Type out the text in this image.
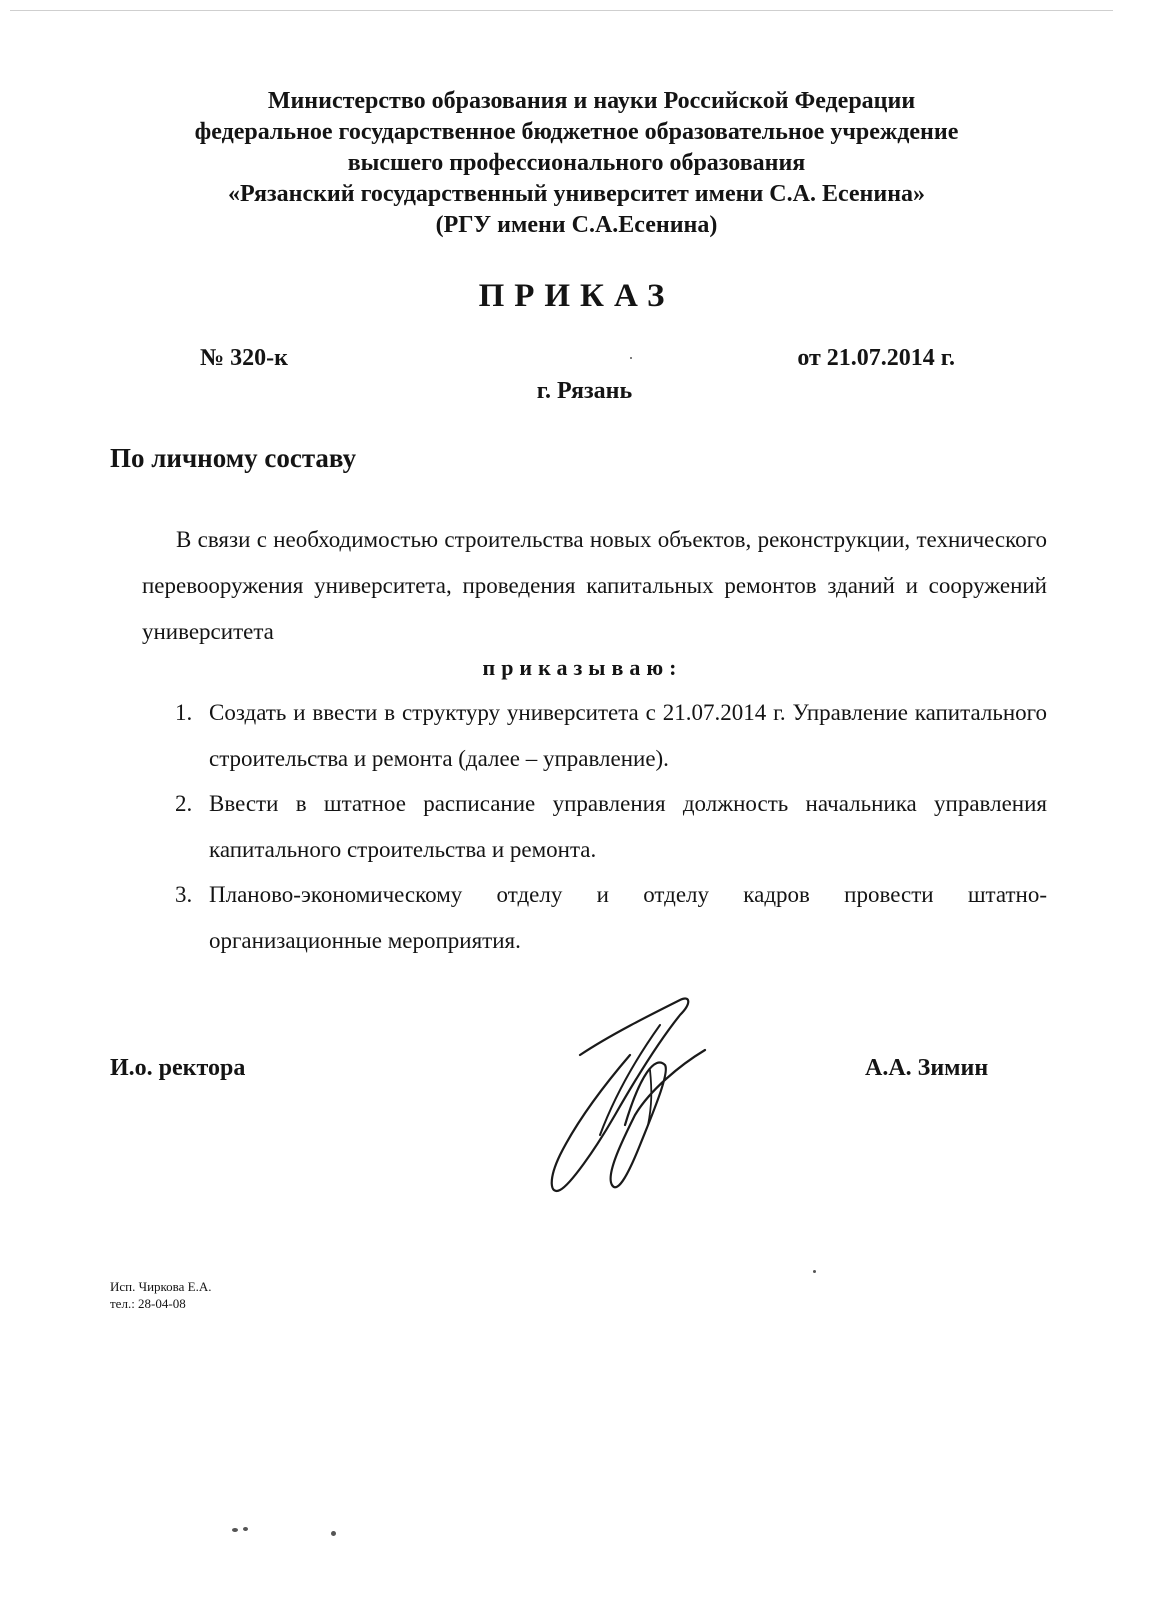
Министерство образования и науки Российской Федерации
федеральное государственное бюджетное образовательное учреждение
высшего профессионального образования
«Рязанский государственный университет имени С.А. Есенина»
(РГУ имени С.А.Есенина)
ПРИКАЗ
№ 320-к	от 21.07.2014 г.
г. Рязань
По личному составу
В связи с необходимостью строительства новых объектов, реконструкции, технического перевооружения университета, проведения капитальных ремонтов зданий и сооружений университета
приказываю:
1. Создать и ввести в структуру университета с 21.07.2014 г. Управление капитального строительства и ремонта (далее – управление).
2. Ввести в штатное расписание управления должность начальника управления капитального строительства и ремонта.
3. Планово-экономическому отделу и отделу кадров провести штатно-организационные мероприятия.
И.о. ректора	А.А. Зимин
Исп. Чиркова Е.А.
тел.: 28-04-08
